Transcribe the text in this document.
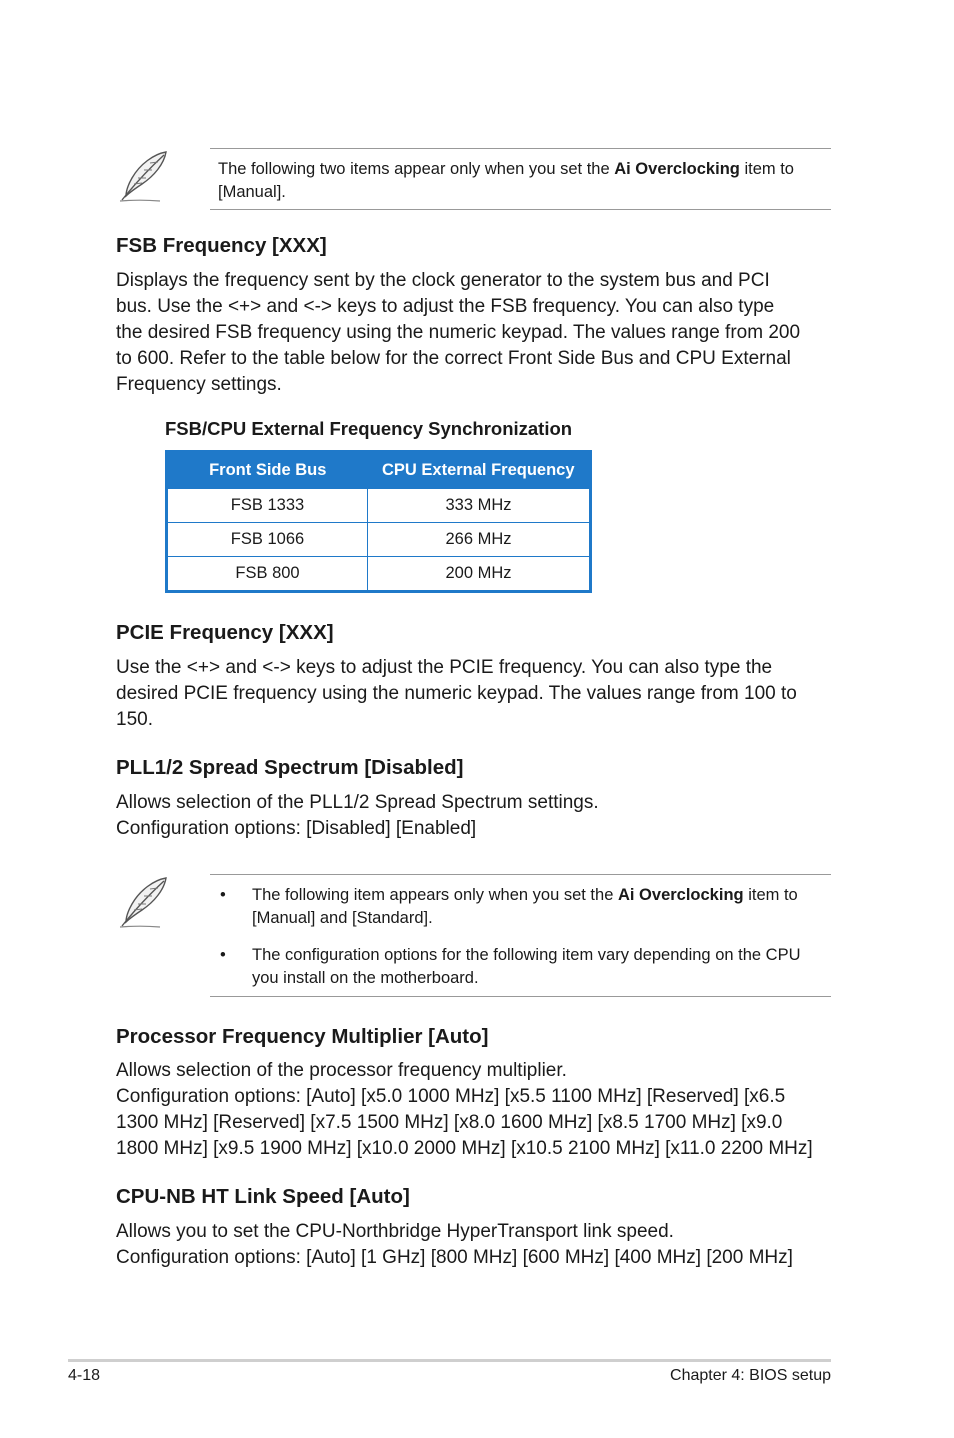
The following two items appear only when you set the Ai Overclocking item to [Manual].
FSB Frequency [XXX]
Displays the frequency sent by the clock generator to the system bus and PCI
bus. Use the <+> and <-> keys to adjust the FSB frequency. You can also type
the desired FSB frequency using the numeric keypad. The values range from 200
to 600. Refer to the table below for the correct Front Side Bus and CPU External
Frequency settings.
FSB/CPU External Frequency Synchronization
Front Side Bus	CPU External Frequency
FSB 1333	333 MHz
FSB 1066	266 MHz
FSB 800	200 MHz
PCIE Frequency [XXX]
Use the <+> and <-> keys to adjust the PCIE frequency. You can also type the
desired PCIE frequency using the numeric keypad. The values range from 100 to
150.
PLL1/2 Spread Spectrum [Disabled]
Allows selection of the PLL1/2 Spread Spectrum settings.
Configuration options: [Disabled] [Enabled]
• The following item appears only when you set the Ai Overclocking item to [Manual] and [Standard].
• The configuration options for the following item vary depending on the CPU you install on the motherboard.
Processor Frequency Multiplier [Auto]
Allows selection of the processor frequency multiplier.
Configuration options: [Auto] [x5.0 1000 MHz] [x5.5 1100 MHz] [Reserved] [x6.5
1300 MHz] [Reserved] [x7.5 1500 MHz] [x8.0 1600 MHz] [x8.5 1700 MHz] [x9.0
1800 MHz] [x9.5 1900 MHz] [x10.0 2000 MHz] [x10.5 2100 MHz] [x11.0 2200 MHz]
CPU-NB HT Link Speed [Auto]
Allows you to set the CPU-Northbridge HyperTransport link speed.
Configuration options: [Auto] [1 GHz] [800 MHz] [600 MHz] [400 MHz] [200 MHz]
4-18	Chapter 4: BIOS setup
